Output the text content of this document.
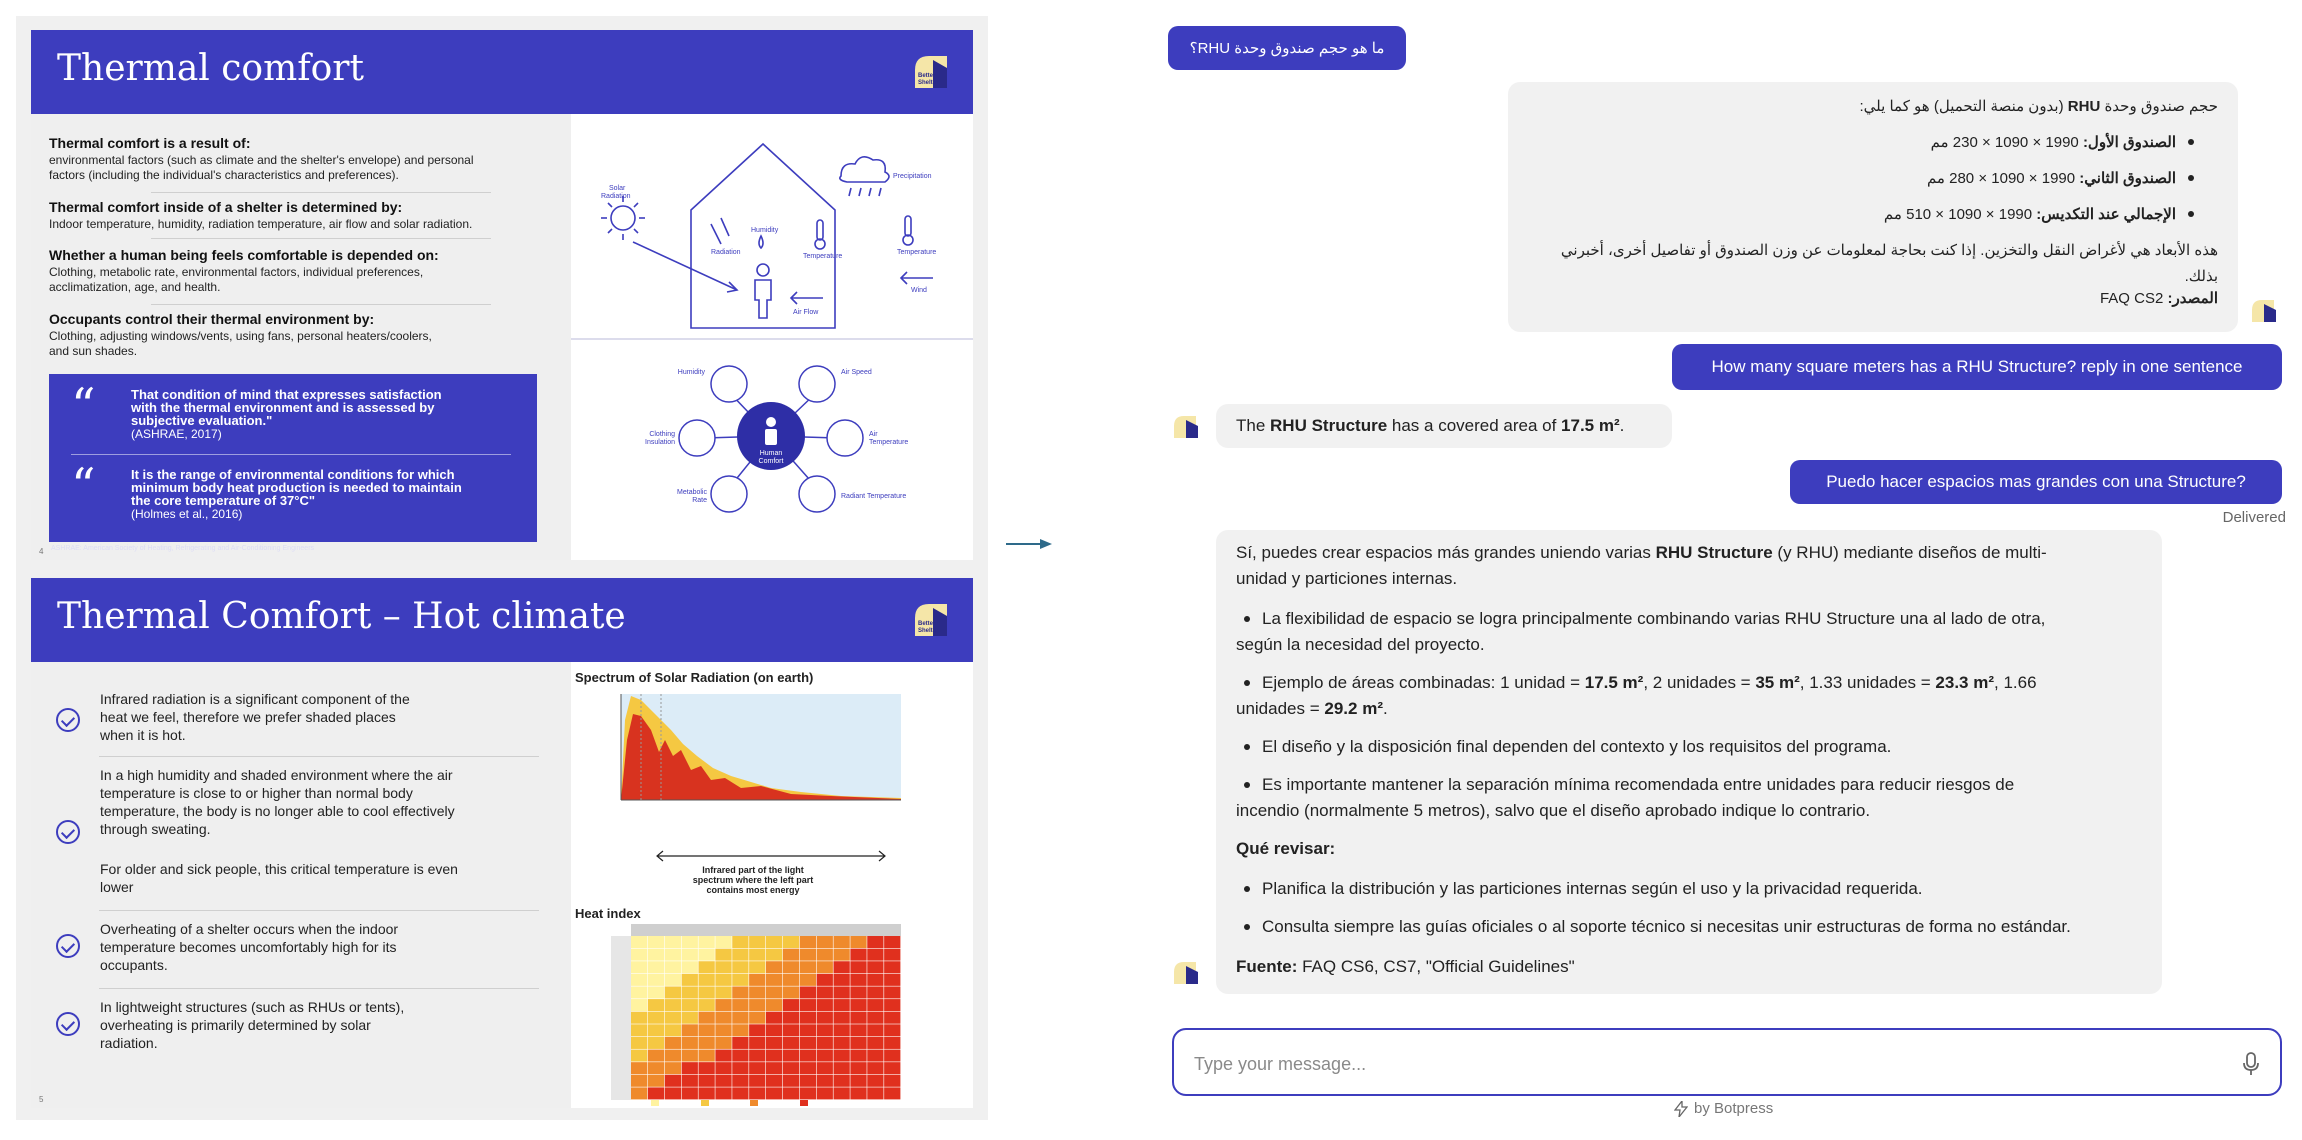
Thermal comfort	Better
Shelter
Thermal comfort is a result of:
environmental factors (such as climate and the shelter's envelope) and personal
factors (including the individual's characteristics and preferences).
Thermal comfort inside of a shelter is determined by:
Indoor temperature, humidity, radiation temperature, air flow and solar radiation.
Whether a human being feels comfortable is depended on:
Clothing, metabolic rate, environmental factors, individual preferences,
acclimatization, age, and health.
Occupants control their thermal environment by:
Clothing, adjusting windows/vents, using fans, personal heaters/coolers,
and sun shades.
“	That condition of mind that expresses satisfaction
with the thermal environment and is assessed by
subjective evaluation."
(ASHRAE, 2017)
“	It is the range of environmental conditions for which
minimum body heat production is needed to maintain
the core temperature of 37°C"
(Holmes et al., 2016)
ASHRAE: American Society of Heating, Refrigerating and Air-Conditioning Engineers
4
Solar
Radiation
Precipitation
Humidity
Radiation
Temperature
Temperature
Air Flow
Wind
Human
Comfort
Humidity	Air Speed
Clothing
Insulation
Air
Temperature
Metabolic
Rate
Radiant Temperature
Thermal Comfort – Hot climate	Better
Shelter
Infrared radiation is a significant component of the
heat we feel, therefore we prefer shaded places
when it is hot.
In a high humidity and shaded environment where the air
temperature is close to or higher than normal body
temperature, the body is no longer able to cool effectively
through sweating.
For older and sick people, this critical temperature is even
lower
Overheating of a shelter occurs when the indoor
temperature becomes uncomfortably high for its
occupants.
In lightweight structures (such as RHUs or tents),
overheating is primarily determined by solar
radiation.
5
Spectrum of Solar Radiation (on earth)
Infrared part of the light spectrum where the left part contains most energy
Heat index

ما هو حجم صندوق وحدة RHU؟
حجم صندوق وحدة RHU (بدون منصة التحميل) هو كما يلي:
الصندوق الأول: 1990 × 1090 × 230 مم
الصندوق الثاني: 1990 × 1090 × 280 مم
الإجمالي عند التكديس: 1990 × 1090 × 510 مم
هذه الأبعاد هي لأغراض النقل والتخزين. إذا كنت بحاجة لمعلومات عن وزن الصندوق أو تفاصيل أخرى، أخبرني بذلك.
المصدر: FAQ CS2
How many square meters has a RHU Structure? reply in one sentence
The RHU Structure has a covered area of 17.5 m².
Puedo hacer espacios mas grandes con una Structure?
Delivered
Sí, puedes crear espacios más grandes uniendo varias RHU Structure (y RHU) mediante diseños de multi-
unidad y particiones internas.
La flexibilidad de espacio se logra principalmente combinando varias RHU Structure una al lado de otra,
según la necesidad del proyecto.
Ejemplo de áreas combinadas: 1 unidad = 17.5 m², 2 unidades = 35 m², 1.33 unidades = 23.3 m², 1.66
unidades = 29.2 m².
El diseño y la disposición final dependen del contexto y los requisitos del programa.
Es importante mantener la separación mínima recomendada entre unidades para reducir riesgos de
incendio (normalmente 5 metros), salvo que el diseño aprobado indique lo contrario.
Qué revisar:
Planifica la distribución y las particiones internas según el uso y la privacidad requerida.
Consulta siempre las guías oficiales o al soporte técnico si necesitas unir estructuras de forma no estándar.
Fuente: FAQ CS6, CS7, "Official Guidelines"
Type your message...
by Botpress
